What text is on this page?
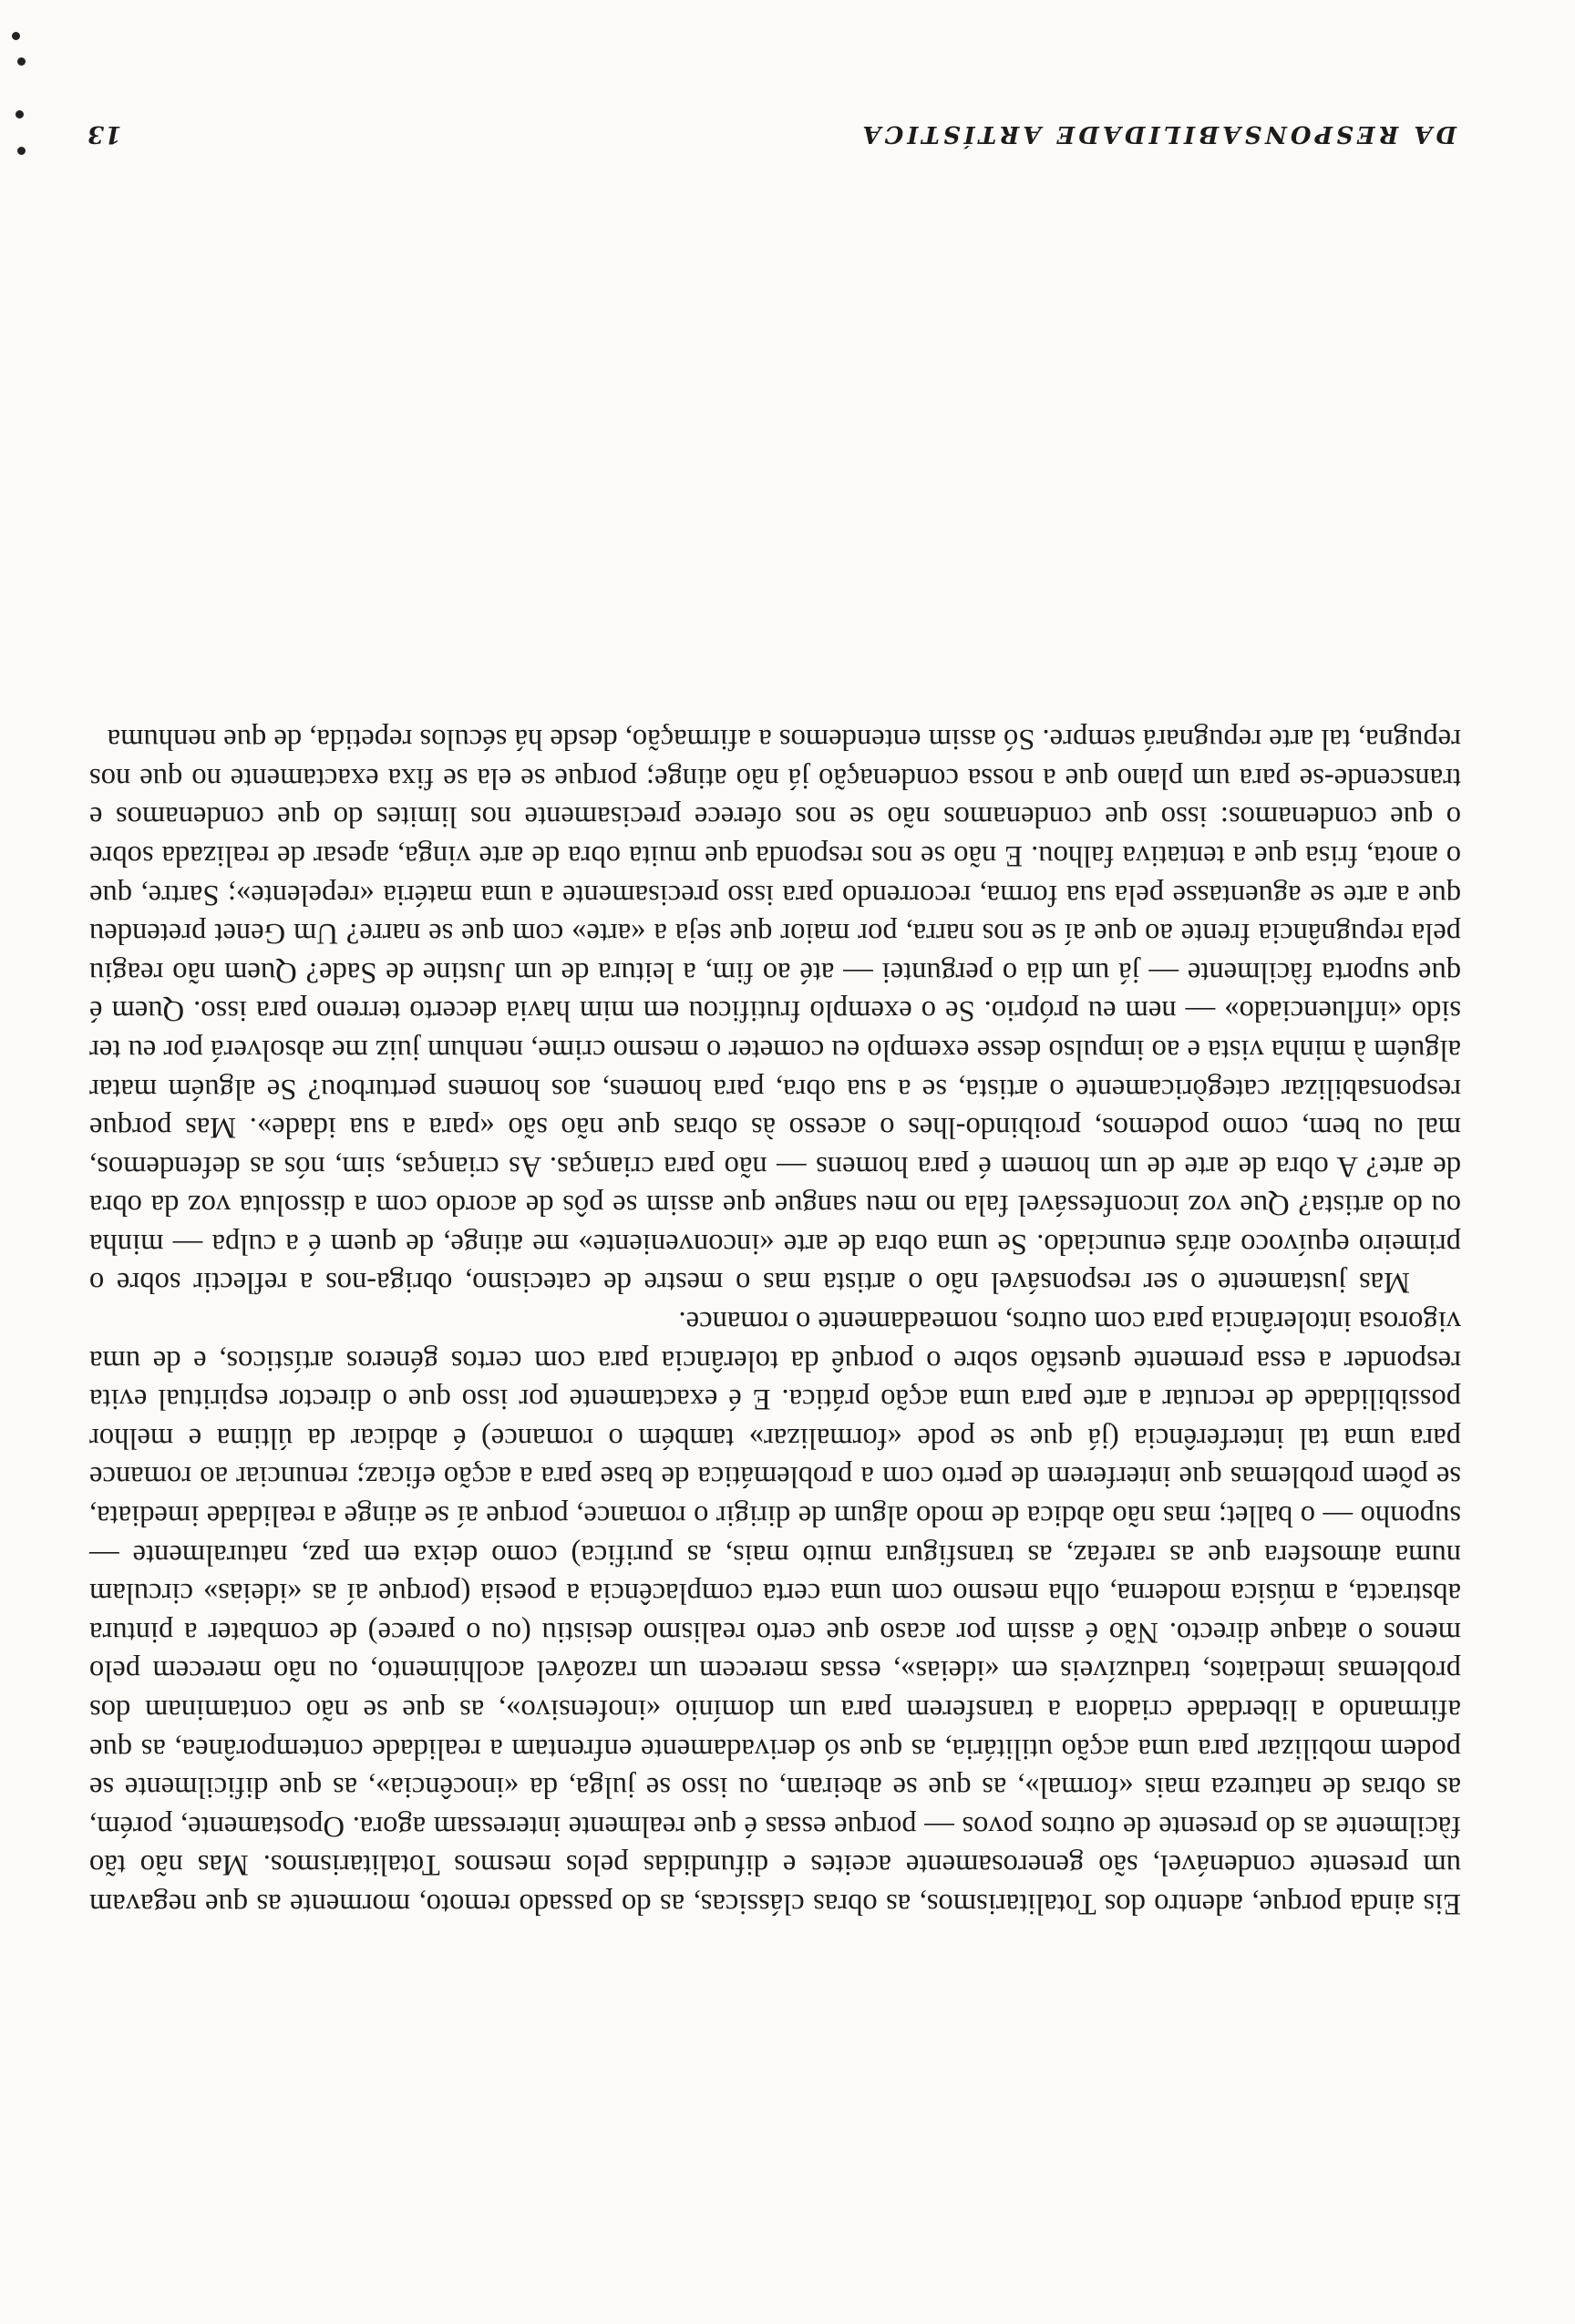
DA RESPONSABILIDADE ARTÍSTICA
13

Eis ainda porque, adentro dos Totalitarismos, as obras clássicas, as do passado remoto, mormente as que negavam um presente condenável, são generosamente aceites e difundidas pelos mesmos Totalitarismos. Mas não tão fàcilmente as do presente de outros povos — porque essas é que realmente interessam agora. Opostamente, porém, as obras de natureza mais «formal», as que se abeiram, ou isso se julga, da «inocência», as que dificilmente se podem mobilizar para uma acção utilitária, as que só derivadamente enfrentam a realidade contemporânea, as que afirmando a liberdade criadora a transferem para um domínio «inofensivo», as que se não contaminam dos problemas imediatos, traduzíveis em «ideias», essas merecem um razoável acolhimento, ou não merecem pelo menos o ataque directo. Não é assim por acaso que certo realismo desistiu (ou o parece) de combater a pintura abstracta, a música moderna, olha mesmo com uma certa complacência a poesia (porque aí as «ideias» circulam numa atmosfera que as rarefaz, as transfigura muito mais, as purifica) como deixa em paz, naturalmente — suponho — o ballet; mas não abdica de modo algum de dirigir o romance, porque aí se atinge a realidade imediata, se põem problemas que interferem de perto com a problemática de base para a acção eficaz; renunciar ao romance para uma tal interferência (já que se pode «formalizar» também o romance) é abdicar da última e melhor possibilidade de recrutar a arte para uma acção prática. E é exactamente por isso que o director espiritual evita responder a essa premente questão sobre o porquê da tolerância para com certos géneros artísticos, e de uma vigorosa intolerância para com outros, nomeadamente o romance.

Mas justamente o ser responsável não o artista mas o mestre de catecismo, obriga-nos a reflectir sobre o primeiro equívoco atrás enunciado. Se uma obra de arte «inconveniente» me atinge, de quem é a culpa — minha ou do artista? Que voz inconfessável fala no meu sangue que assim se pôs de acordo com a dissoluta voz da obra de arte? A obra de arte de um homem é para homens — não para crianças. As crianças, sim, nós as defendemos, mal ou bem, como podemos, proibindo-lhes o acesso às obras que não são «para a sua idade». Mas porque responsabilizar categòricamente o artista, se a sua obra, para homens, aos homens perturbou? Se alguém matar alguém à minha vista e ao impulso desse exemplo eu cometer o mesmo crime, nenhum juiz me absolverá por eu ter sido «influenciado» — nem eu próprio. Se o exemplo frutificou em mim havia decerto terreno para isso. Quem é que suporta fàcilmente — já um dia o perguntei — até ao fim, a leitura de um Justine de Sade? Quem não reagiu pela repugnância frente ao que aí se nos narra, por maior que seja a «arte» com que se narre? Um Genet pretendeu que a arte se aguentasse pela sua forma, recorrendo para isso precisamente a uma matéria «repelente»; Sartre, que o anota, frisa que a tentativa falhou. E não se nos responda que muita obra de arte vinga, apesar de realizada sobre o que condenamos: isso que condenamos não se nos oferece precisamente nos limites do que condenamos e transcende-se para um plano que a nossa condenação já não atinge; porque se ela se fixa exactamente no que nos repugna, tal arte repugnará sempre. Só assim entendemos a afirmação, desde há séculos repetida, de que nenhuma
